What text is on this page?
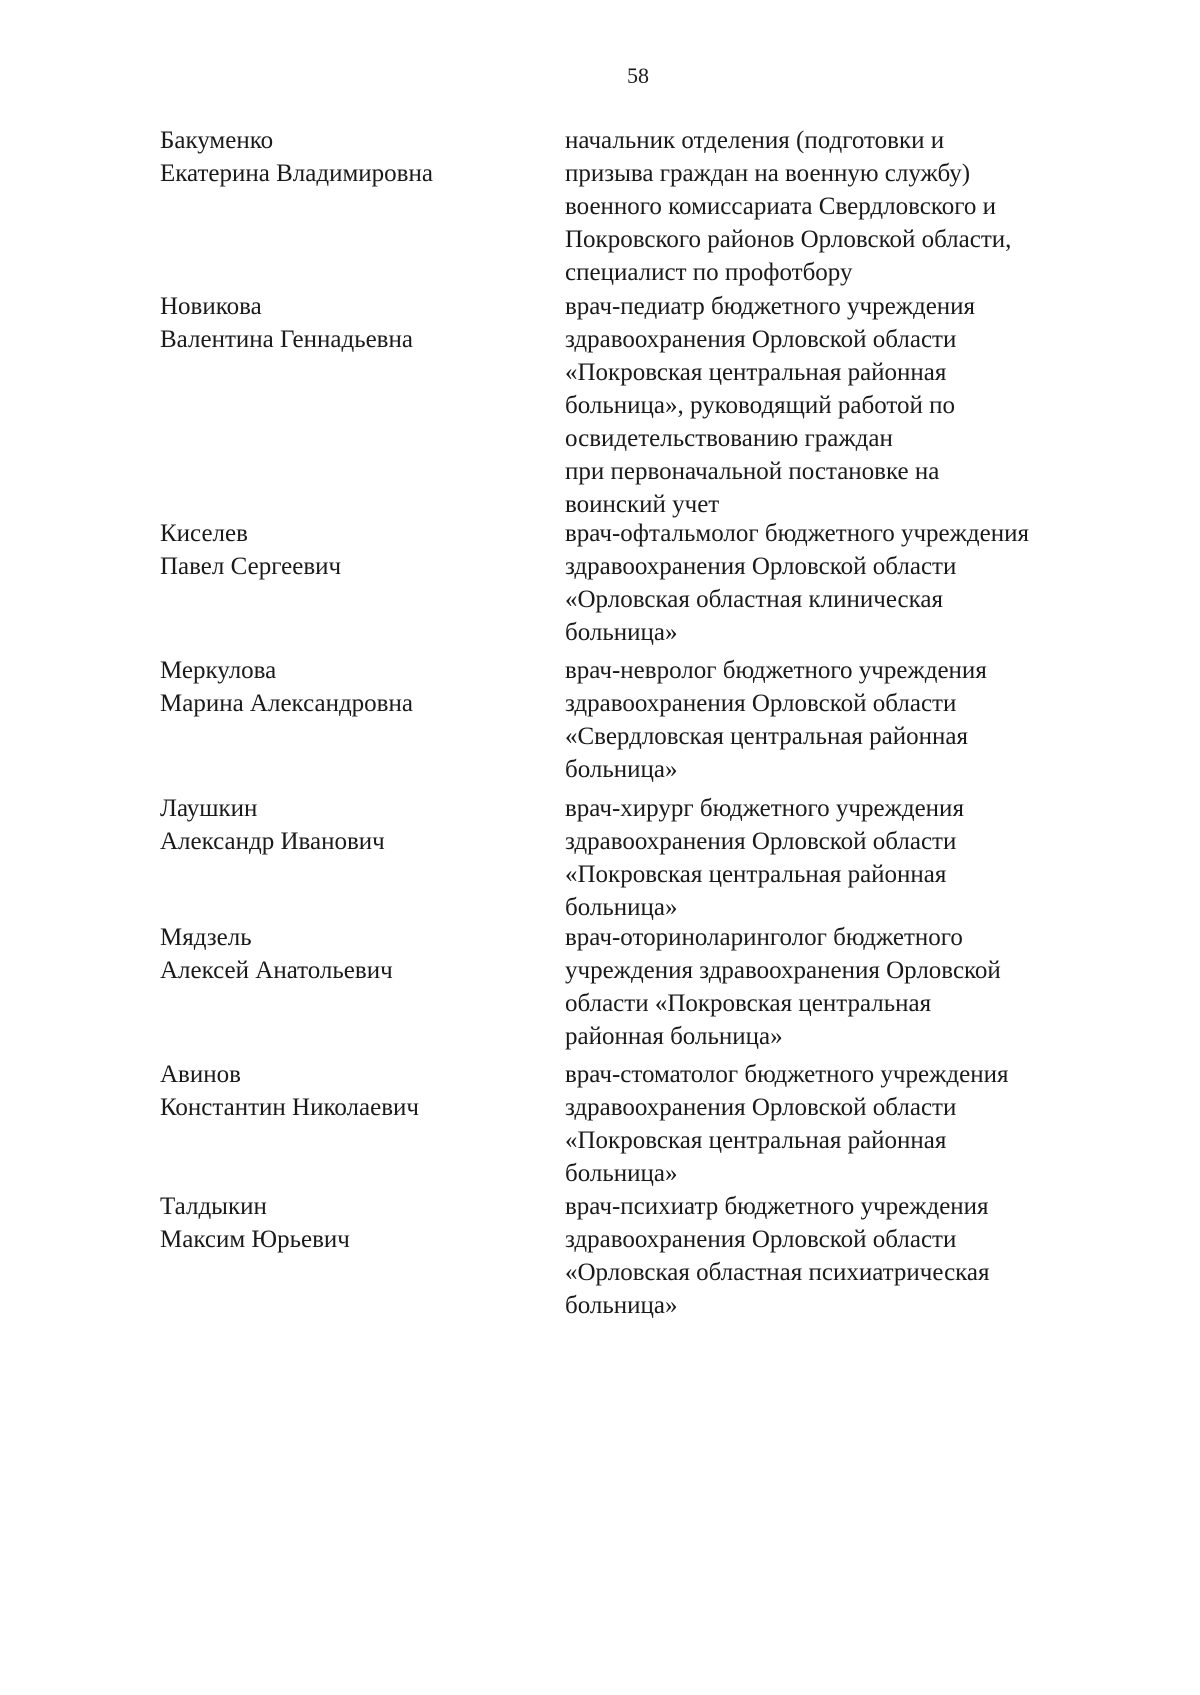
58
Бакуменко
Екатерина Владимировна
начальник отделения (подготовки и
призыва граждан на военную службу)
военного комиссариата Свердловского и
Покровского районов Орловской области,
специалист по профотбору
Новикова
Валентина Геннадьевна
врач-педиатр бюджетного учреждения
здравоохранения Орловской области
«Покровская центральная районная
больница», руководящий работой по
освидетельствованию граждан
при первоначальной постановке на
воинский учет
Киселев
Павел Сергеевич
врач-офтальмолог бюджетного учреждения
здравоохранения Орловской области
«Орловская областная клиническая
больница»
Меркулова
Марина Александровна
врач-невролог бюджетного учреждения
здравоохранения Орловской области
«Свердловская центральная районная
больница»
Лаушкин
Александр Иванович
врач-хирург бюджетного учреждения
здравоохранения Орловской области
«Покровская центральная районная
больница»
Мядзель
Алексей Анатольевич
врач-оториноларинголог бюджетного
учреждения здравоохранения Орловской
области «Покровская центральная
районная больница»
Авинов
Константин Николаевич
врач-стоматолог бюджетного учреждения
здравоохранения Орловской области
«Покровская центральная районная
больница»
Талдыкин
Максим Юрьевич
врач-психиатр бюджетного учреждения
здравоохранения Орловской области
«Орловская областная психиатрическая
больница»
